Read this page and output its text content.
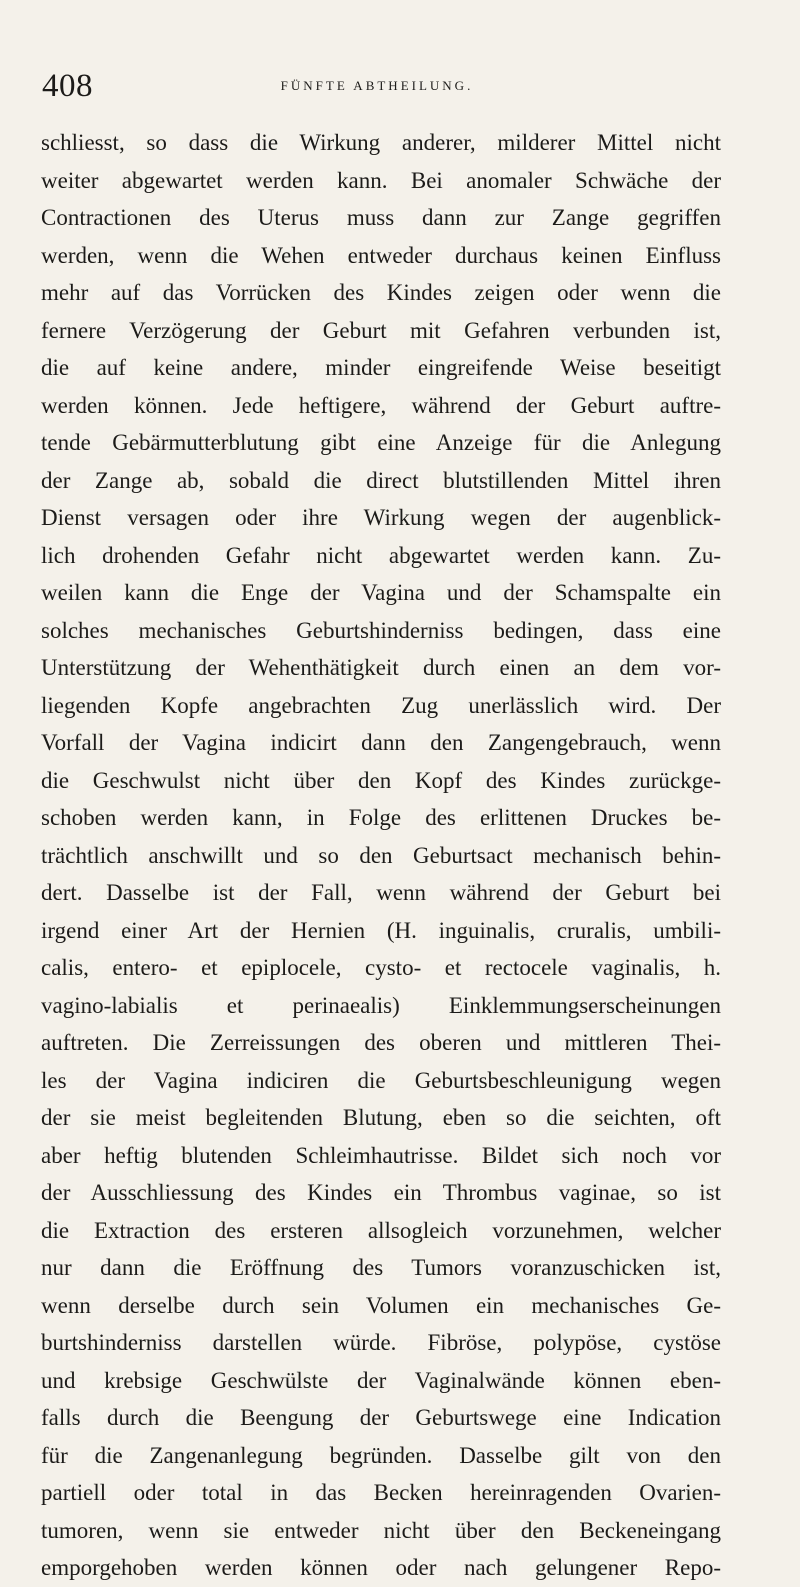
408	FÜNFTE ABTHEILUNG.
schliesst, so dass die Wirkung anderer, milderer Mittel nicht
weiter abgewartet werden kann. Bei anomaler Schwäche der
Contractionen des Uterus muss dann zur Zange gegriffen
werden, wenn die Wehen entweder durchaus keinen Einfluss
mehr auf das Vorrücken des Kindes zeigen oder wenn die
fernere Verzögerung der Geburt mit Gefahren verbunden ist,
die auf keine andere, minder eingreifende Weise beseitigt
werden können. Jede heftigere, während der Geburt auftre-
tende Gebärmutterblutung gibt eine Anzeige für die Anlegung
der Zange ab, sobald die direct blutstillenden Mittel ihren
Dienst versagen oder ihre Wirkung wegen der augenblick-
lich drohenden Gefahr nicht abgewartet werden kann. Zu-
weilen kann die Enge der Vagina und der Schamspalte ein
solches mechanisches Geburtshinderniss bedingen, dass eine
Unterstützung der Wehenthätigkeit durch einen an dem vor-
liegenden Kopfe angebrachten Zug unerlässlich wird. Der
Vorfall der Vagina indicirt dann den Zangengebrauch, wenn
die Geschwulst nicht über den Kopf des Kindes zurückge-
schoben werden kann, in Folge des erlittenen Druckes be-
trächtlich anschwillt und so den Geburtsact mechanisch behin-
dert. Dasselbe ist der Fall, wenn während der Geburt bei
irgend einer Art der Hernien (H. inguinalis, cruralis, umbili-
calis, entero- et epiplocele, cysto- et rectocele vaginalis, h.
vagino-labialis et perinaealis) Einklemmungserscheinungen
auftreten. Die Zerreissungen des oberen und mittleren Thei-
les der Vagina indiciren die Geburtsbeschleunigung wegen
der sie meist begleitenden Blutung, eben so die seichten, oft
aber heftig blutenden Schleimhautrisse. Bildet sich noch vor
der Ausschliessung des Kindes ein Thrombus vaginae, so ist
die Extraction des ersteren allsogleich vorzunehmen, welcher
nur dann die Eröffnung des Tumors voranzuschicken ist,
wenn derselbe durch sein Volumen ein mechanisches Ge-
burtshinderniss darstellen würde. Fibröse, polypöse, cystöse
und krebsige Geschwülste der Vaginalwände können eben-
falls durch die Beengung der Geburtswege eine Indication
für die Zangenanlegung begründen. Dasselbe gilt von den
partiell oder total in das Becken hereinragenden Ovarien-
tumoren, wenn sie entweder nicht über den Beckeneingang
emporgehoben werden können oder nach gelungener Repo-
